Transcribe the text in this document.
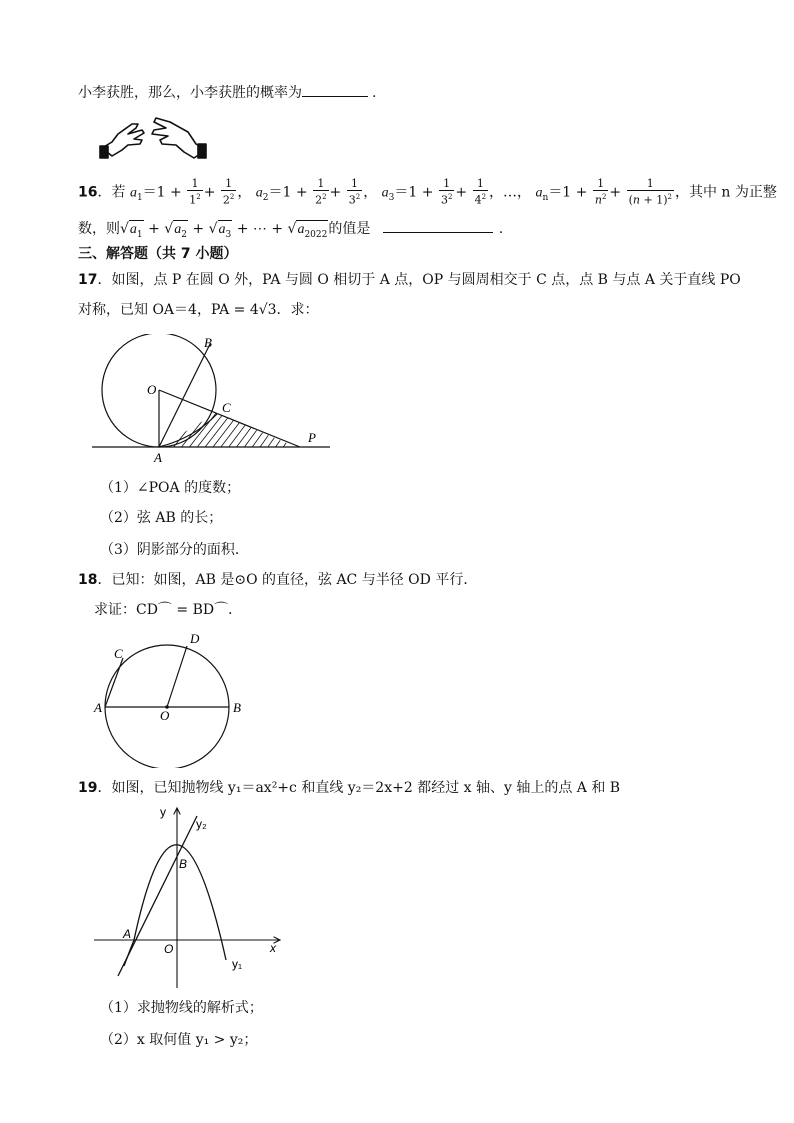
小李获胜，那么，小李获胜的概率为	.
16．若 $a_1=1 + \frac{1}{1^2} + \frac{1}{2^2}$ ， $a_2=1 + \frac{1}{2^2} + \frac{1}{3^2}$ ， $a_3=1 + \frac{1}{3^2} + \frac{1}{4^2}$ ，…， $a_n=1 + \frac{1}{n^2} + \frac{1}{(n + 1)^2}$ ，其中 n 为正整
数，则$√a_1 + √a_2 + √a_3$ + ⋯ + $√a_{2022}$的值是	.
三、解答题（共 7 小题）
17．如图，点 P 在圆 O 外，PA 与圆 O 相切于 A 点，OP 与圆周相交于 C 点，点 B 与点 A 关于直线 PO
对称，已知 OA＝4，PA = 4√3．求：
B
O
C
P
A
（1）∠POA 的度数；
（2）弦 AB 的长；
（3）阴影部分的面积．
18．已知：如图，AB 是⊙O 的直径，弦 AC 与半径 OD 平行．
求证：CD⌒ = BD⌒．
C
D
A
O
B
19．如图，已知抛物线 y₁＝ax²+c 和直线 y₂＝2x+2 都经过 x 轴、y 轴上的点 A 和 B
y
y₂
B
A
O	x
y₁
（1）求抛物线的解析式；
（2）x 取何值 y₁ > y₂；
